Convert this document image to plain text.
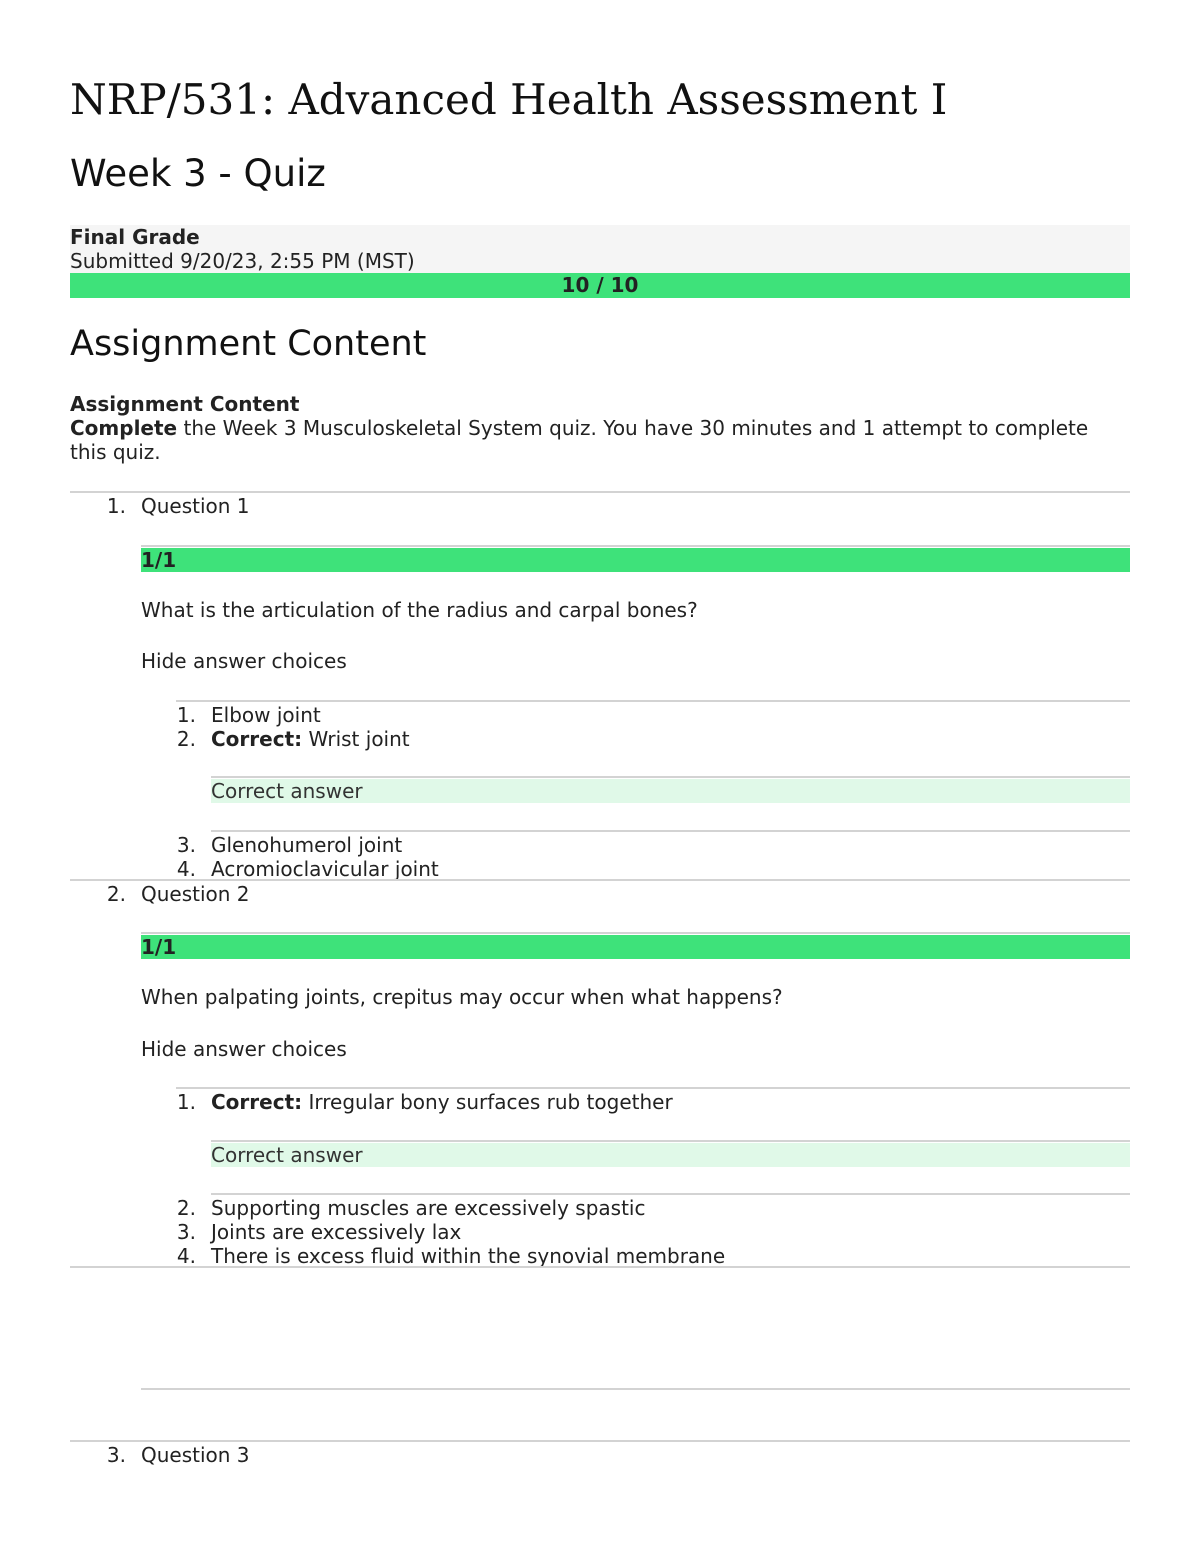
NRP/531: Advanced Health Assessment I
Week 3 - Quiz
Final Grade
Submitted 9/20/23, 2:55 PM (MST)
10 / 10
Assignment Content
Assignment Content
Complete the Week 3 Musculoskeletal System quiz. You have 30 minutes and 1 attempt to complete this quiz.
1. Question 1
1/1
What is the articulation of the radius and carpal bones?
Hide answer choices
1. Elbow joint
2. Correct: Wrist joint
Correct answer
3. Glenohumerol joint
4. Acromioclavicular joint
2. Question 2
1/1
When palpating joints, crepitus may occur when what happens?
Hide answer choices
1. Correct: Irregular bony surfaces rub together
Correct answer
2. Supporting muscles are excessively spastic
3. Joints are excessively lax
4. There is excess fluid within the synovial membrane
3. Question 3
